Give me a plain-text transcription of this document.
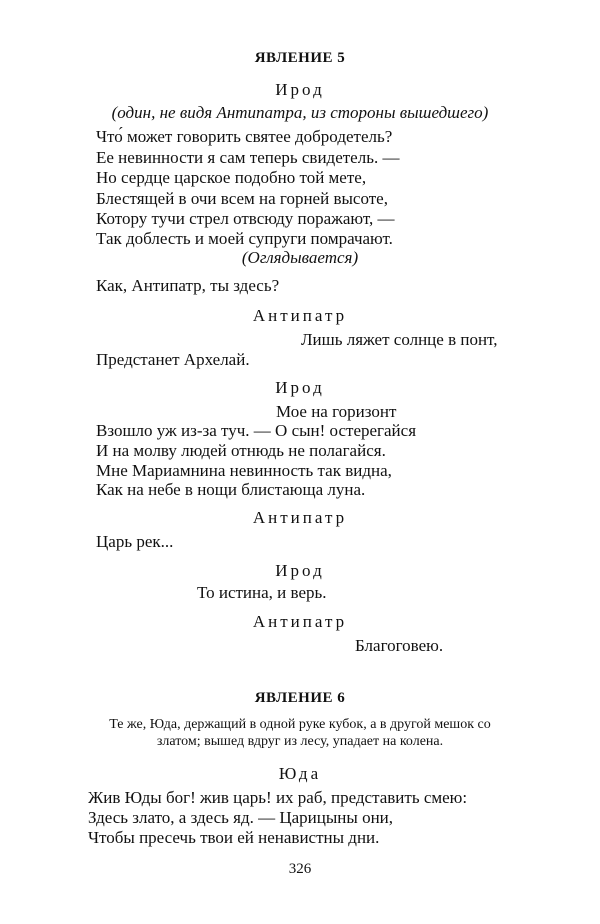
ЯВЛЕНИЕ 5
Ирод
(один, не видя Антипатра, из стороны вышедшего)
Что́ может говорить святее добродетель?
Ее невинности я сам теперь свидетель. —
Но сердце царское подобно той мете,
Блестящей в очи всем на горней высоте,
Котору тучи стрел отвсюду поражают, —
Так доблесть и моей супруги помрачают.
(Оглядывается)
Как, Антипатр, ты здесь?
Антипатр
Лишь ляжет солнце в понт,
Предстанет Архелай.
Ирод
Мое на горизонт
Взошло уж из-за туч. — О сын! остерегайся
И на молву людей отнюдь не полагайся.
Мне Мариамнина невинность так видна,
Как на небе в нощи блистающа луна.
Антипатр
Царь рек...
Ирод
То истина, и верь.
Антипатр
Благоговею.
ЯВЛЕНИЕ 6
Те же, Юда, держащий в одной руке кубок, а в другой мешок со
златом; вышед вдруг из лесу, упадает на колена.
Юда
Жив Юды бог! жив царь! их раб, представить смею:
Здесь злато, а здесь яд. — Царицыны они,
Чтобы пресечь твои ей ненавистны дни.
326
